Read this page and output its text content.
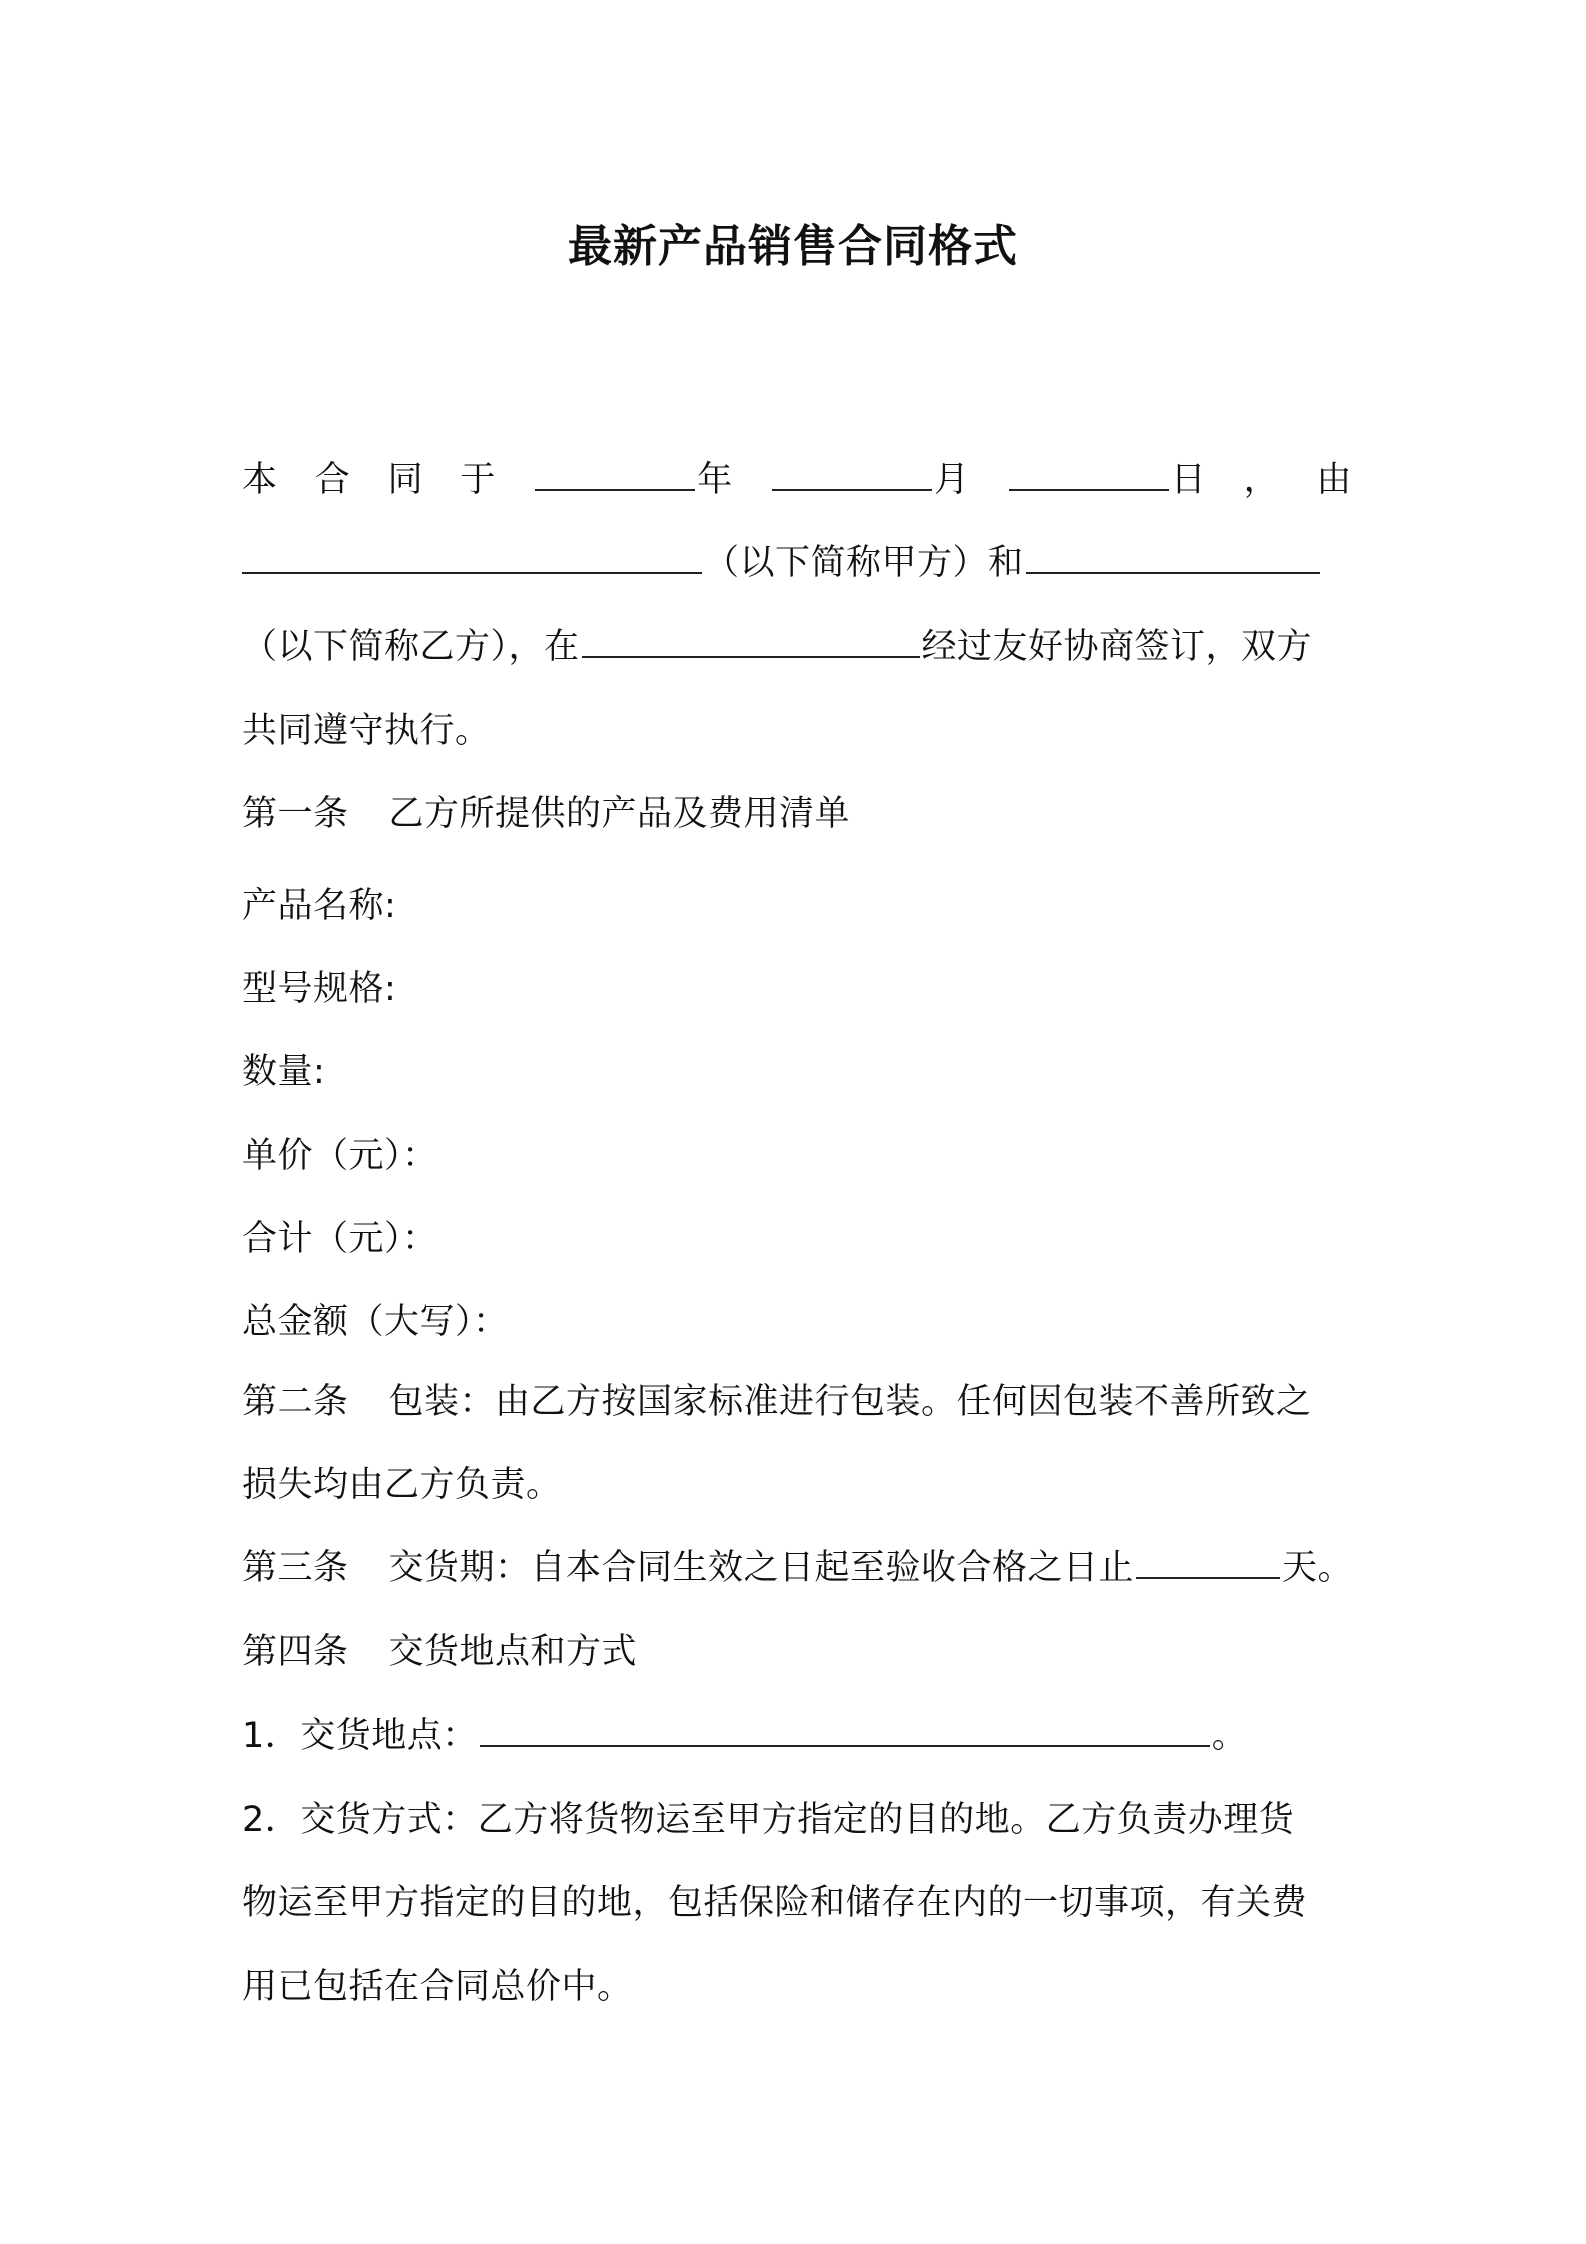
最新产品销售合同格式
本 合 同 于	年	月	日 ， 由
（以下简称甲方）和
（以下简称乙方），在	经过友好协商签订，双方
共同遵守执行。
第一条 乙方所提供的产品及费用清单
产品名称:
型号规格:
数量:
单价（元）：
合计（元）：
总金额（大写）：
第二条 包装：由乙方按国家标准进行包装。任何因包装不善所致之
损失均由乙方负责。
第三条 交货期：自本合同生效之日起至验收合格之日止	天。
第四条 交货地点和方式
1．交货地点：	。
2．交货方式：乙方将货物运至甲方指定的目的地。乙方负责办理货
物运至甲方指定的目的地，包括保险和储存在内的一切事项，有关费
用已包括在合同总价中。
